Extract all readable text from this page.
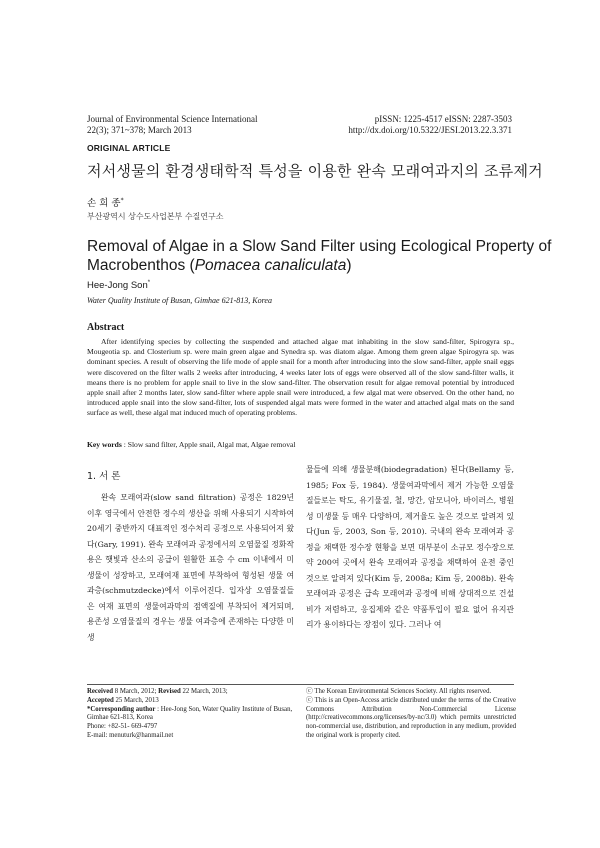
Journal of Environmental Science International
22(3); 371~378; March 2013
pISSN: 1225-4517 eISSN: 2287-3503
http://dx.doi.org/10.5322/JESI.2013.22.3.371
ORIGINAL ARTICLE
저서생물의 환경생태학적 특성을 이용한 완속 모래여과지의 조류제거
손 희 종*
부산광역시 상수도사업본부 수질연구소
Removal of Algae in a Slow Sand Filter using Ecological Property of
Macrobenthos (Pomacea canaliculata)
Hee-Jong Son*
Water Quality Institute of Busan, Gimhae 621-813, Korea
Abstract
After identifying species by collecting the suspended and attached algae mat inhabiting in the slow sand-filter, Spirogyra sp., Mougeotia sp. and Closterium sp. were main green algae and Synedra sp. was diatom algae. Among them green algae Spirogyra sp. was dominant species. A result of observing the life mode of apple snail for a month after introducing into the slow sand-filter, apple snail eggs were discovered on the filter walls 2 weeks after introducing, 4 weeks later lots of eggs were observed all of the slow sand-filter walls, it means there is no problem for apple snail to live in the slow sand-filter. The observation result for algae removal potential by introduced apple snail after 2 months later, slow sand-filter where apple snail were introduced, a few algal mat were observed. On the other hand, no introduced apple snail into the slow sand-filter, lots of suspended algal mats were formed in the water and attached algal mats on the sand surface as well, these algal mat induced much of operating problems.
Key words : Slow sand filter, Apple snail, Algal mat, Algae removal
1. 서 론
완속 모래여과(slow sand filtration) 공정은 1829년 이후 영국에서 안전한 정수의 생산을 위해 사용되기 시작하여 20세기 중반까지 대표적인 정수처리 공정으로 사용되어져 왔다(Gary, 1991). 완속 모래여과 공정에서의 오염물질 정화작용은 햇빛과 산소의 공급이 원활한 표층 수 cm 이내에서 미생물이 성장하고, 모래여재 표면에 부착하여 형성된 생물 여과층(schmutzdecke)에서 이루어진다. 입자상 오염물질들은 여재 표면의 생물여과막의 점액질에 부착되어 제거되며, 용존성 오염물질의 경우는 생물 여과층에 존재하는 다양한 미생
물들에 의해 생물분해(biodegradation) 된다(Bellamy 등, 1985; Fox 등, 1984). 생물여과막에서 제거 가능한 오염물질들로는 탁도, 유기물질, 철, 망간, 암모니아, 바이러스, 병원성 미생물 등 매우 다양하며, 제거율도 높은 것으로 알려져 있다(Jun 등, 2003, Son 등, 2010). 국내의 완속 모래여과 공정을 채택한 정수장 현황을 보면 대부분이 소규모 정수장으로 약 200여 곳에서 완속 모래여과 공정을 채택하여 운전 중인 것으로 알려져 있다(Kim 등, 2008a; Kim 등, 2008b). 완속 모래여과 공정은 급속 모래여과 공정에 비해 상대적으로 건설비가 저렴하고, 응집제와 같은 약품투입이 필요 없어 유지관리가 용이하다는 장점이 있다. 그러나 여
Received 8 March, 2012; Revised 22 March, 2013;
Accepted 25 March, 2013
*Corresponding author : Hee-Jong Son, Water Quality Institute of Busan, Gimhae 621-813, Korea
Phone: +82-51- 669-4797
E-mail: menuturk@hanmail.net
ⓒ The Korean Environmental Sciences Society. All rights reserved.
ⓒ This is an Open-Access article distributed under the terms of the Creative Commons Attribution Non-Commercial License (http://creativecommons.org/licenses/by-nc/3.0) which permits unrestricted non-commercial use, distribution, and reproduction in any medium, provided the original work is properly cited.
